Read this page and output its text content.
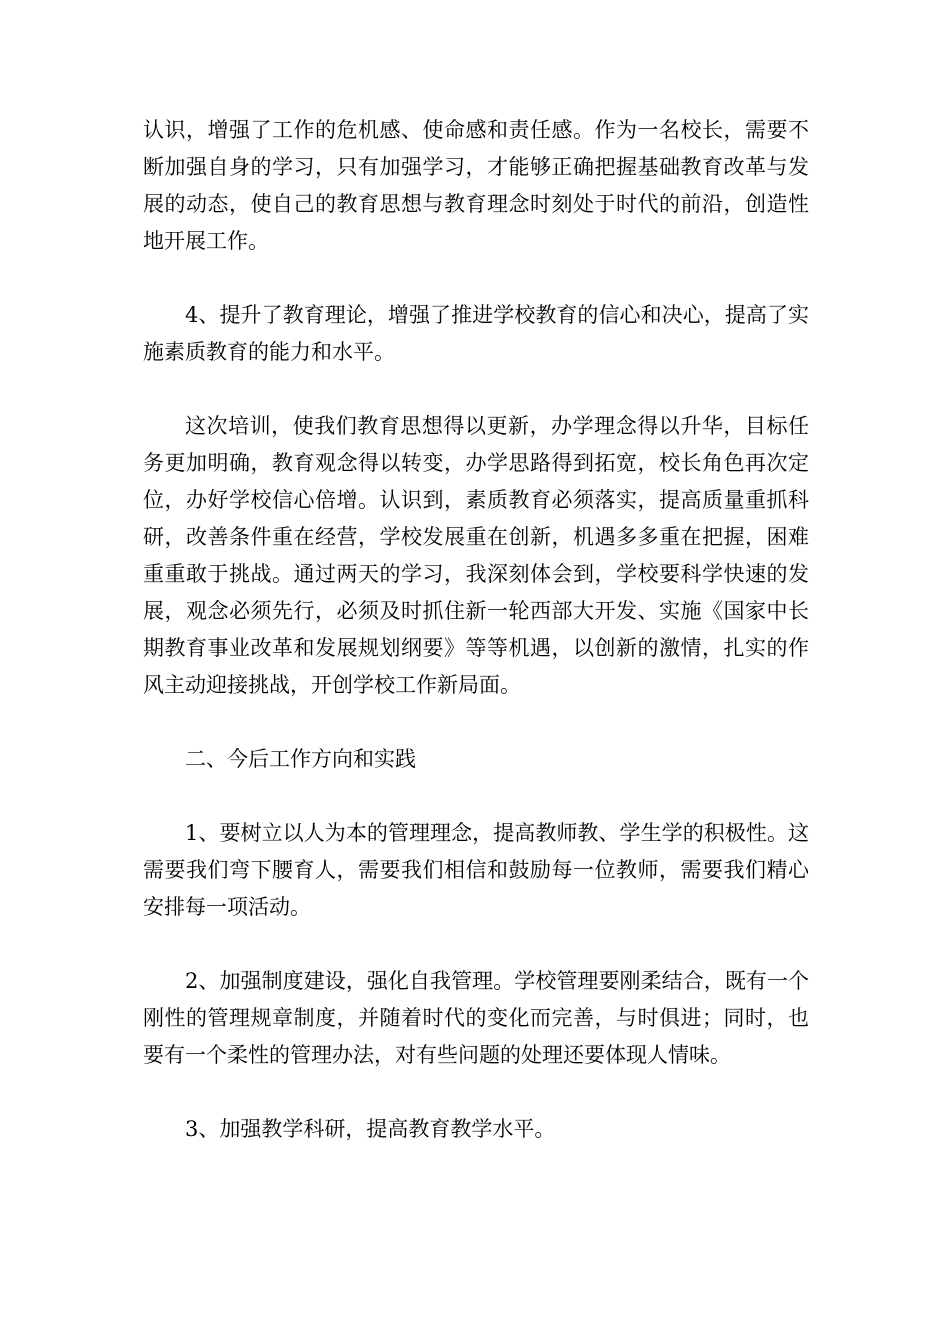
认识，增强了工作的危机感、使命感和责任感。作为一名校长，需要不断加强自身的学习，只有加强学习，才能够正确把握基础教育改革与发展的动态，使自己的教育思想与教育理念时刻处于时代的前沿，创造性地开展工作。

4、提升了教育理论，增强了推进学校教育的信心和决心，提高了实施素质教育的能力和水平。

这次培训，使我们教育思想得以更新，办学理念得以升华，目标任务更加明确，教育观念得以转变，办学思路得到拓宽，校长角色再次定位，办好学校信心倍增。认识到，素质教育必须落实，提高质量重抓科研，改善条件重在经营，学校发展重在创新，机遇多多重在把握，困难重重敢于挑战。通过两天的学习，我深刻体会到，学校要科学快速的发展，观念必须先行，必须及时抓住新一轮西部大开发、实施《国家中长期教育事业改革和发展规划纲要》等等机遇，以创新的激情，扎实的作风主动迎接挑战，开创学校工作新局面。

二、今后工作方向和实践

1、要树立以人为本的管理理念，提高教师教、学生学的积极性。这需要我们弯下腰育人，需要我们相信和鼓励每一位教师，需要我们精心安排每一项活动。

2、加强制度建设，强化自我管理。学校管理要刚柔结合，既有一个刚性的管理规章制度，并随着时代的变化而完善，与时俱进；同时，也要有一个柔性的管理办法，对有些问题的处理还要体现人情味。

3、加强教学科研，提高教育教学水平。
